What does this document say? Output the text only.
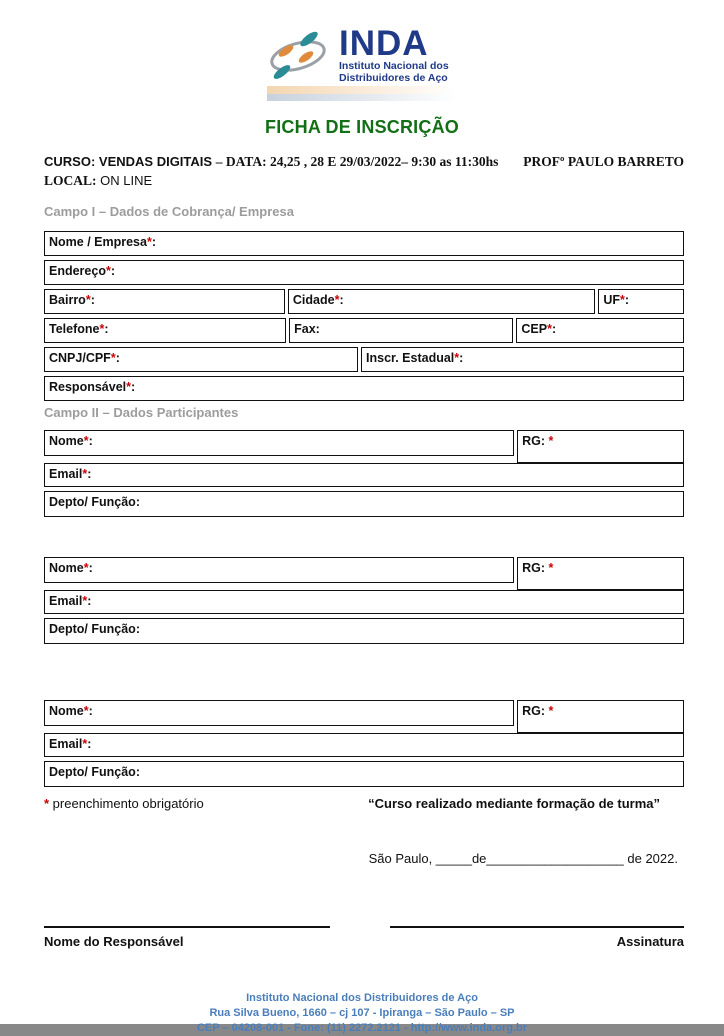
INDA
Instituto Nacional dos
Distribuidores de Aço
FICHA DE INSCRIÇÃO
CURSO: VENDAS DIGITAIS – DATA: 24,25 , 28 E 29/03/2022– 9:30 as 11:30hs PROFº PAULO BARRETO
LOCAL: ON LINE
Campo I – Dados de Cobrança/ Empresa
Nome / Empresa*:
Endereço*:
Bairro*:	Cidade*:	UF*:
Telefone*:	Fax:	CEP*:
CNPJ/CPF*:	Inscr. Estadual*:
Responsável*:
Campo II – Dados Participantes
Nome*:	RG: *
Email*:
Depto/ Função:
Nome*:	RG: *
Email*:
Depto/ Função:
Nome*:	RG: *
Email*:
Depto/ Função:
* preenchimento obrigatório	“Curso realizado mediante formação de turma”
São Paulo, _____de___________________ de 2022.
Nome do Responsável	Assinatura
Instituto Nacional dos Distribuidores de Aço
Rua Silva Bueno, 1660 – cj 107 - Ipiranga – São Paulo – SP
CEP – 04208-001 - Fone: (11) 2272.2121 - http://www.inda.org.br
